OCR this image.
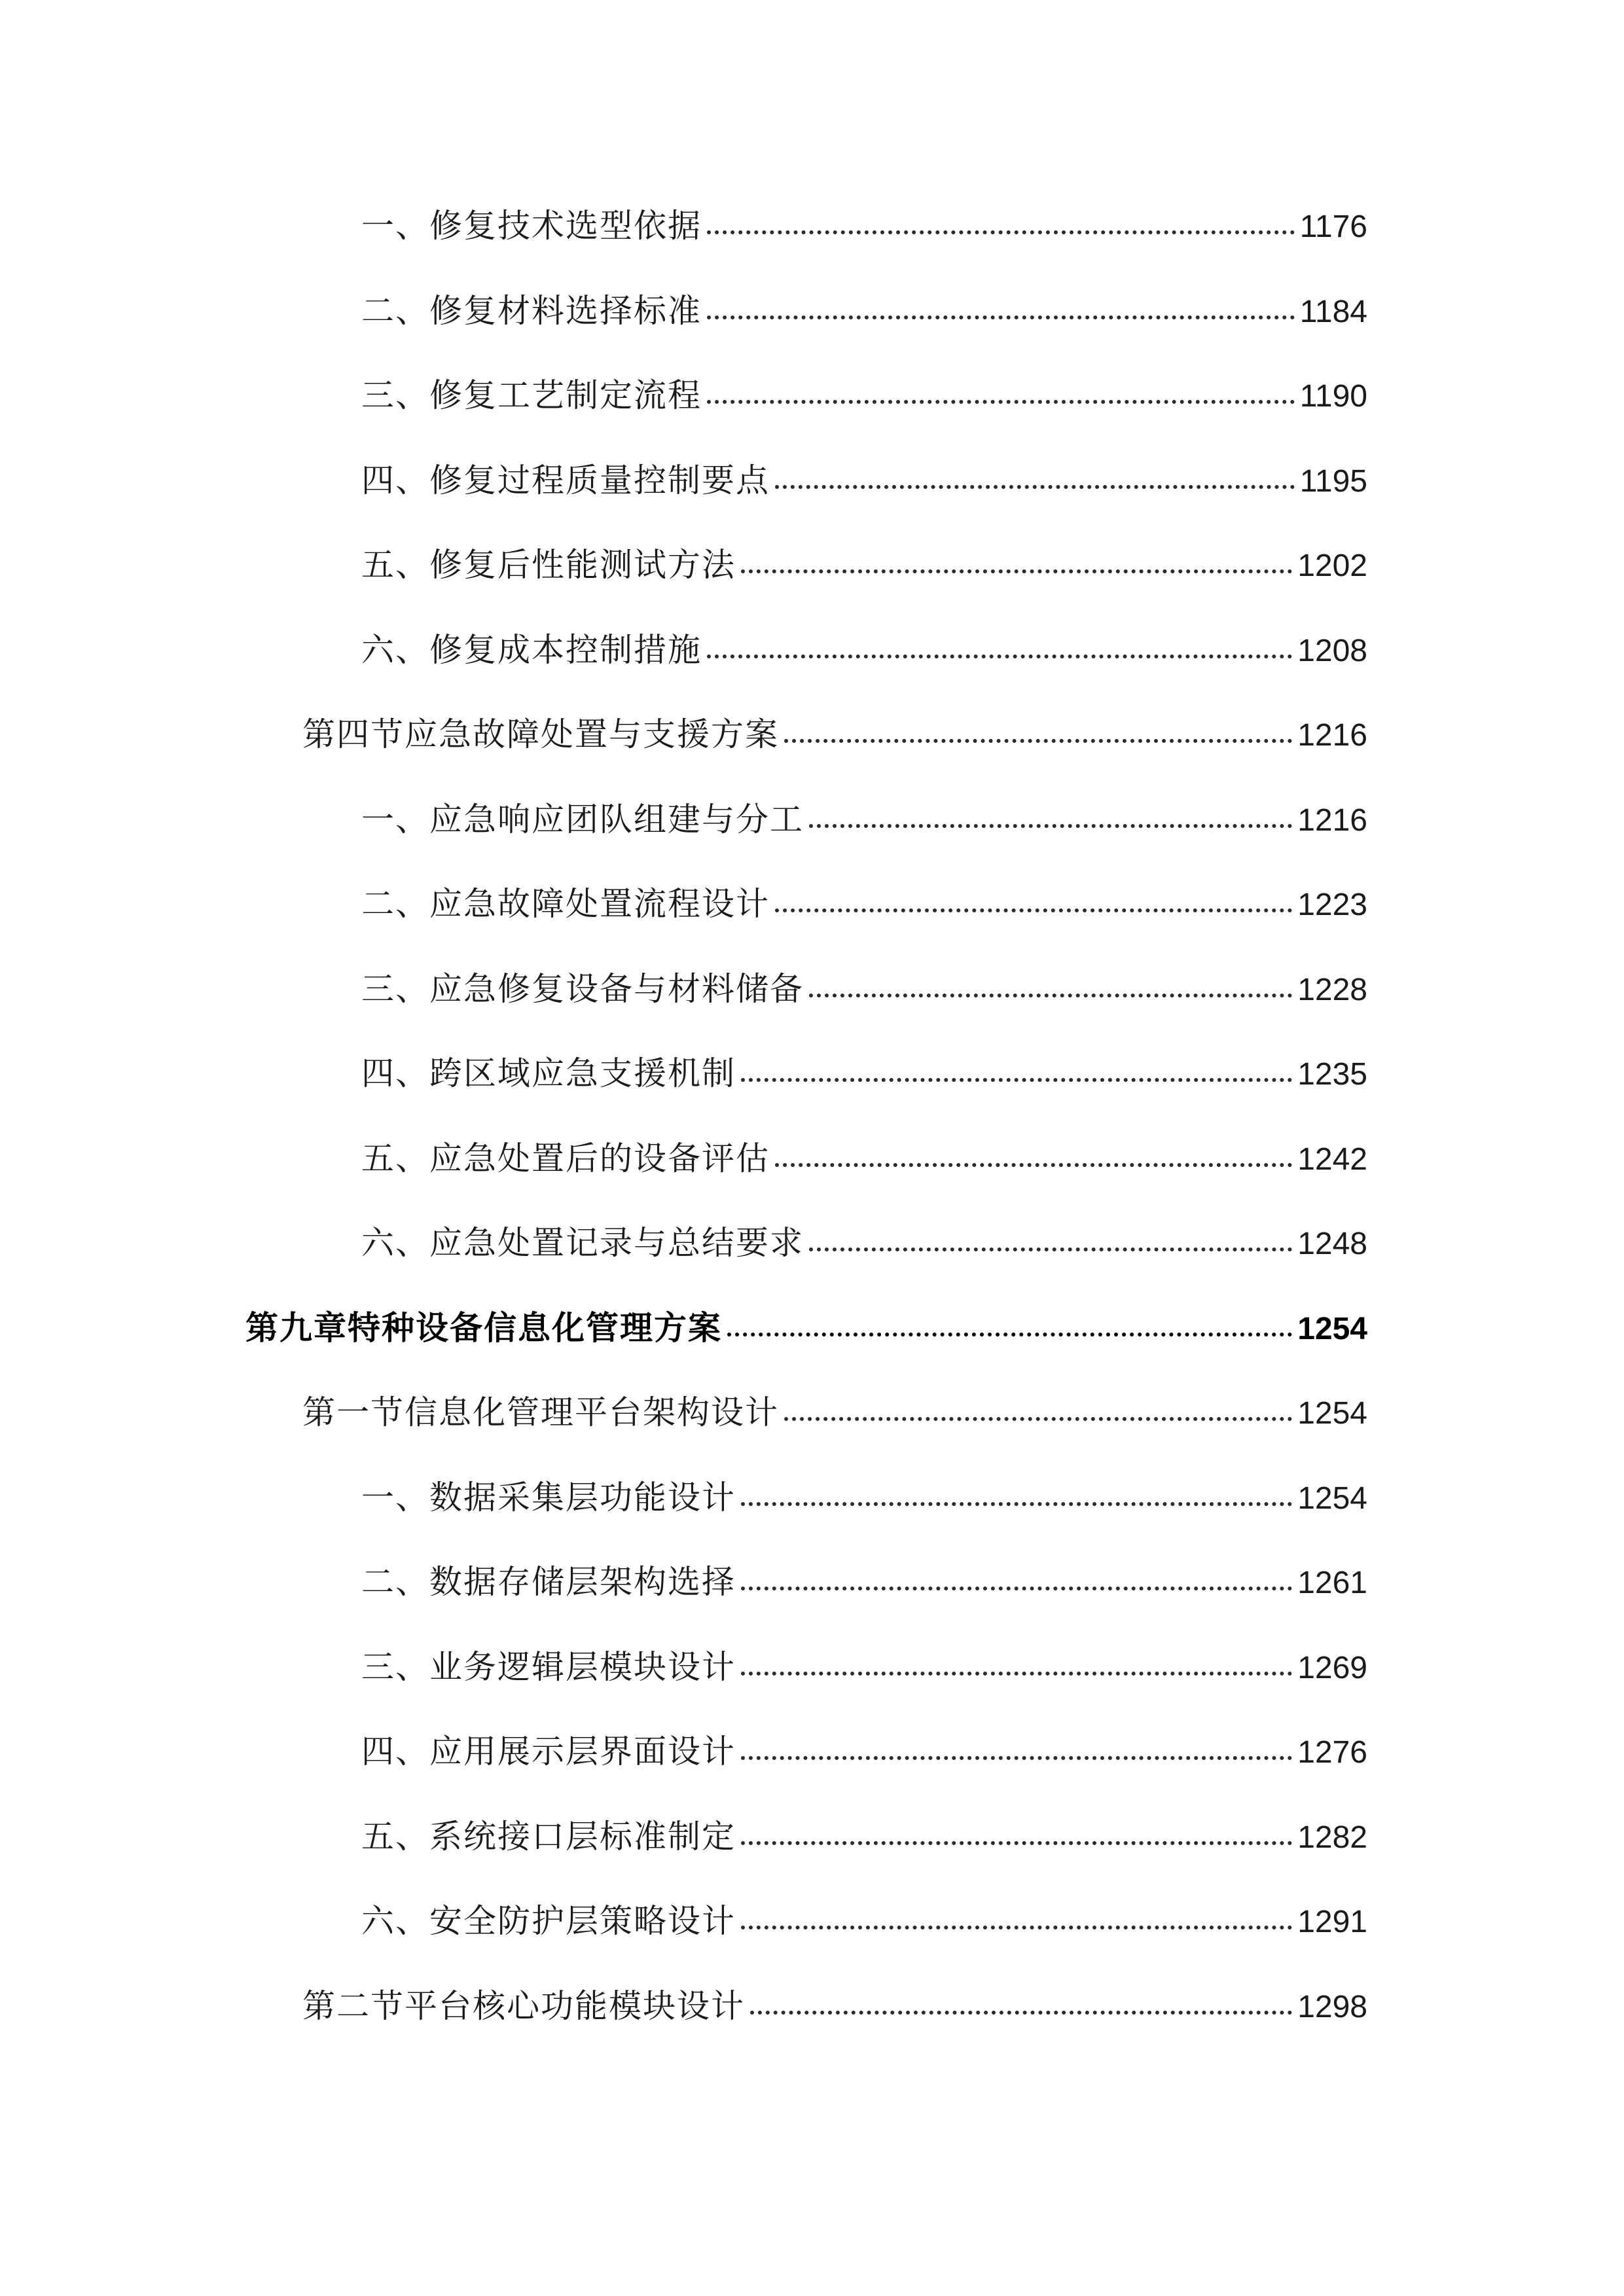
一、修复技术选型依据	1176
二、修复材料选择标准	1184
三、修复工艺制定流程	1190
四、修复过程质量控制要点	1195
五、修复后性能测试方法	1202
六、修复成本控制措施	1208
第四节应急故障处置与支援方案	1216
一、应急响应团队组建与分工	1216
二、应急故障处置流程设计	1223
三、应急修复设备与材料储备	1228
四、跨区域应急支援机制	1235
五、应急处置后的设备评估	1242
六、应急处置记录与总结要求	1248
第九章特种设备信息化管理方案	1254
第一节信息化管理平台架构设计	1254
一、数据采集层功能设计	1254
二、数据存储层架构选择	1261
三、业务逻辑层模块设计	1269
四、应用展示层界面设计	1276
五、系统接口层标准制定	1282
六、安全防护层策略设计	1291
第二节平台核心功能模块设计	1298
